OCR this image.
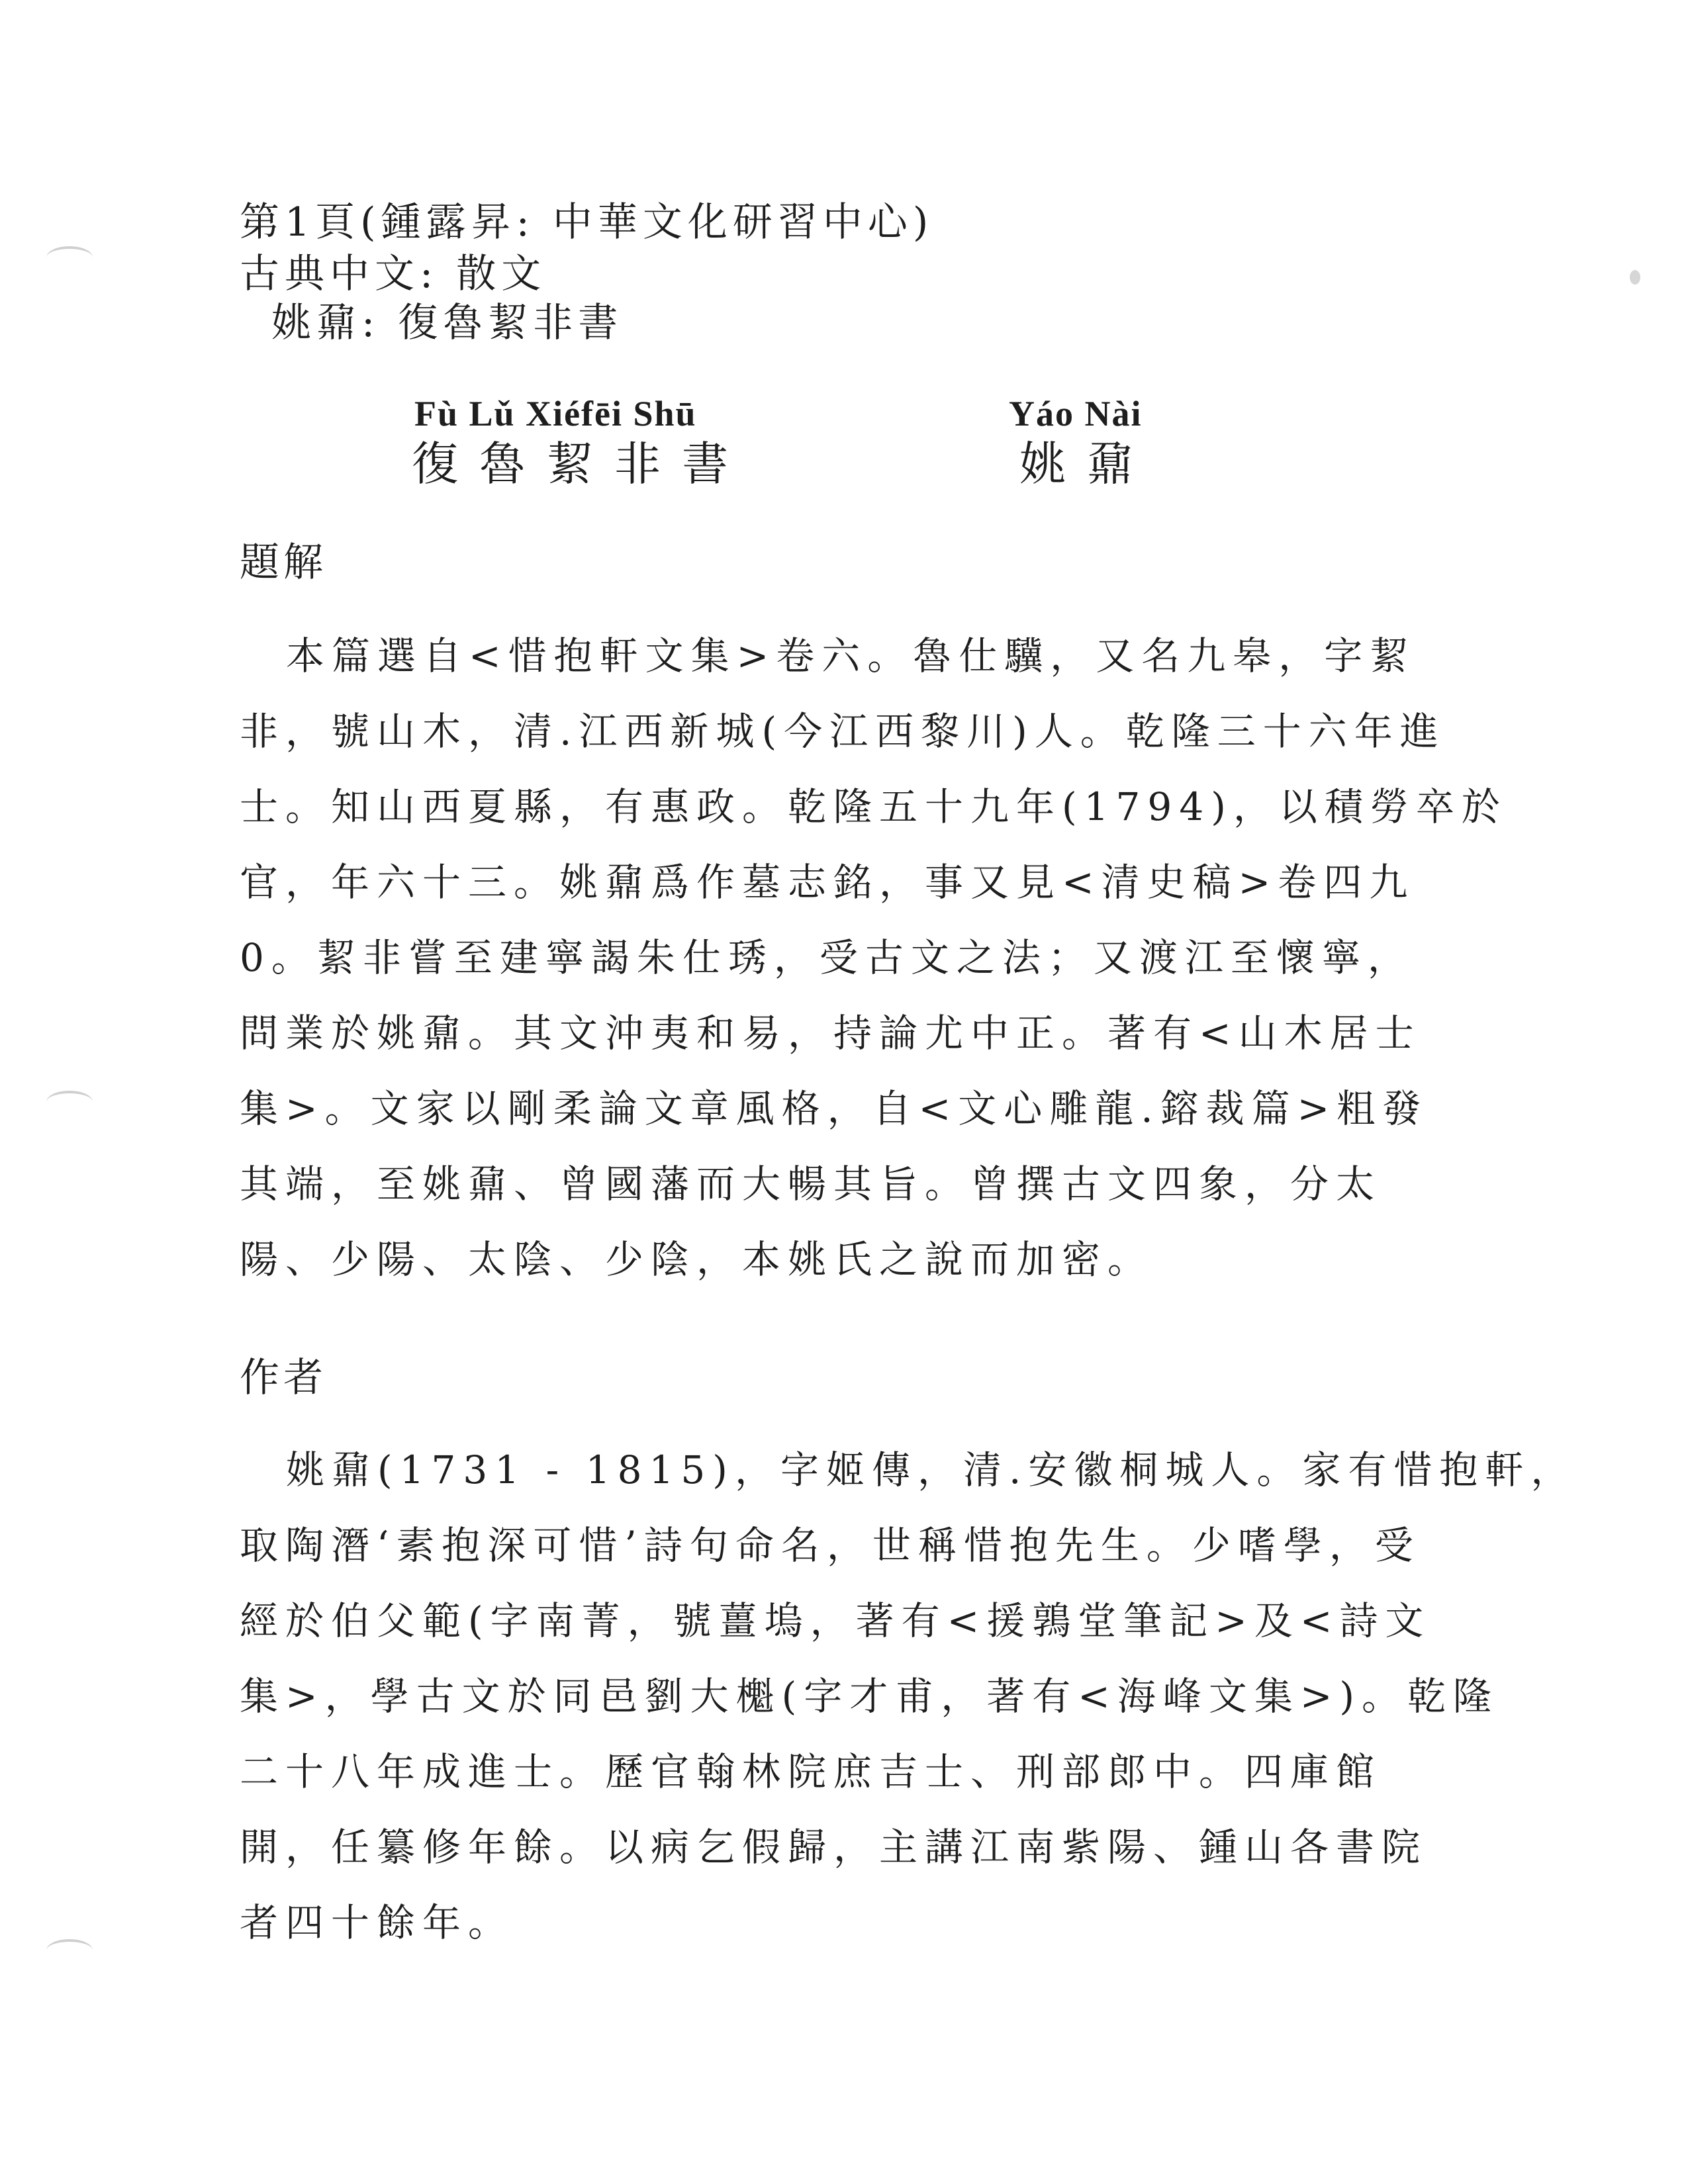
第1頁(鍾露昇: 中華文化研習中心)
古典中文: 散文
姚鼐: 復魯絜非書
Fù Lǔ Xiéfēi Shū
復魯絜非書
Yáo Nài
姚鼐
題解
本篇選自<惜抱軒文集>卷六。魯仕驥，又名九皋，字絜
非，號山木，清.江西新城(今江西黎川)人。乾隆三十六年進
士。知山西夏縣，有惠政。乾隆五十九年(1794)，以積勞卒於
官，年六十三。姚鼐爲作墓志銘，事又見<清史稿>卷四九
0。絜非嘗至建寧謁朱仕琇，受古文之法；又渡江至懷寧，
問業於姚鼐。其文沖夷和易，持論尤中正。著有<山木居士
集>。文家以剛柔論文章風格，自<文心雕龍.鎔裁篇>粗發
其端，至姚鼐、曾國藩而大暢其旨。曾撰古文四象，分太
陽、少陽、太陰、少陰，本姚氏之說而加密。
作者
姚鼐(1731 - 1815)，字姬傳，清.安徽桐城人。家有惜抱軒，
取陶潛‘素抱深可惜’詩句命名，世稱惜抱先生。少嗜學，受
經於伯父範(字南菁，號薑塢，著有<援鶉堂筆記>及<詩文
集>，學古文於同邑劉大櫆(字才甫，著有<海峰文集>)。乾隆
二十八年成進士。歷官翰林院庶吉士、刑部郎中。四庫館
開，任纂修年餘。以病乞假歸，主講江南紫陽、鍾山各書院
者四十餘年。
